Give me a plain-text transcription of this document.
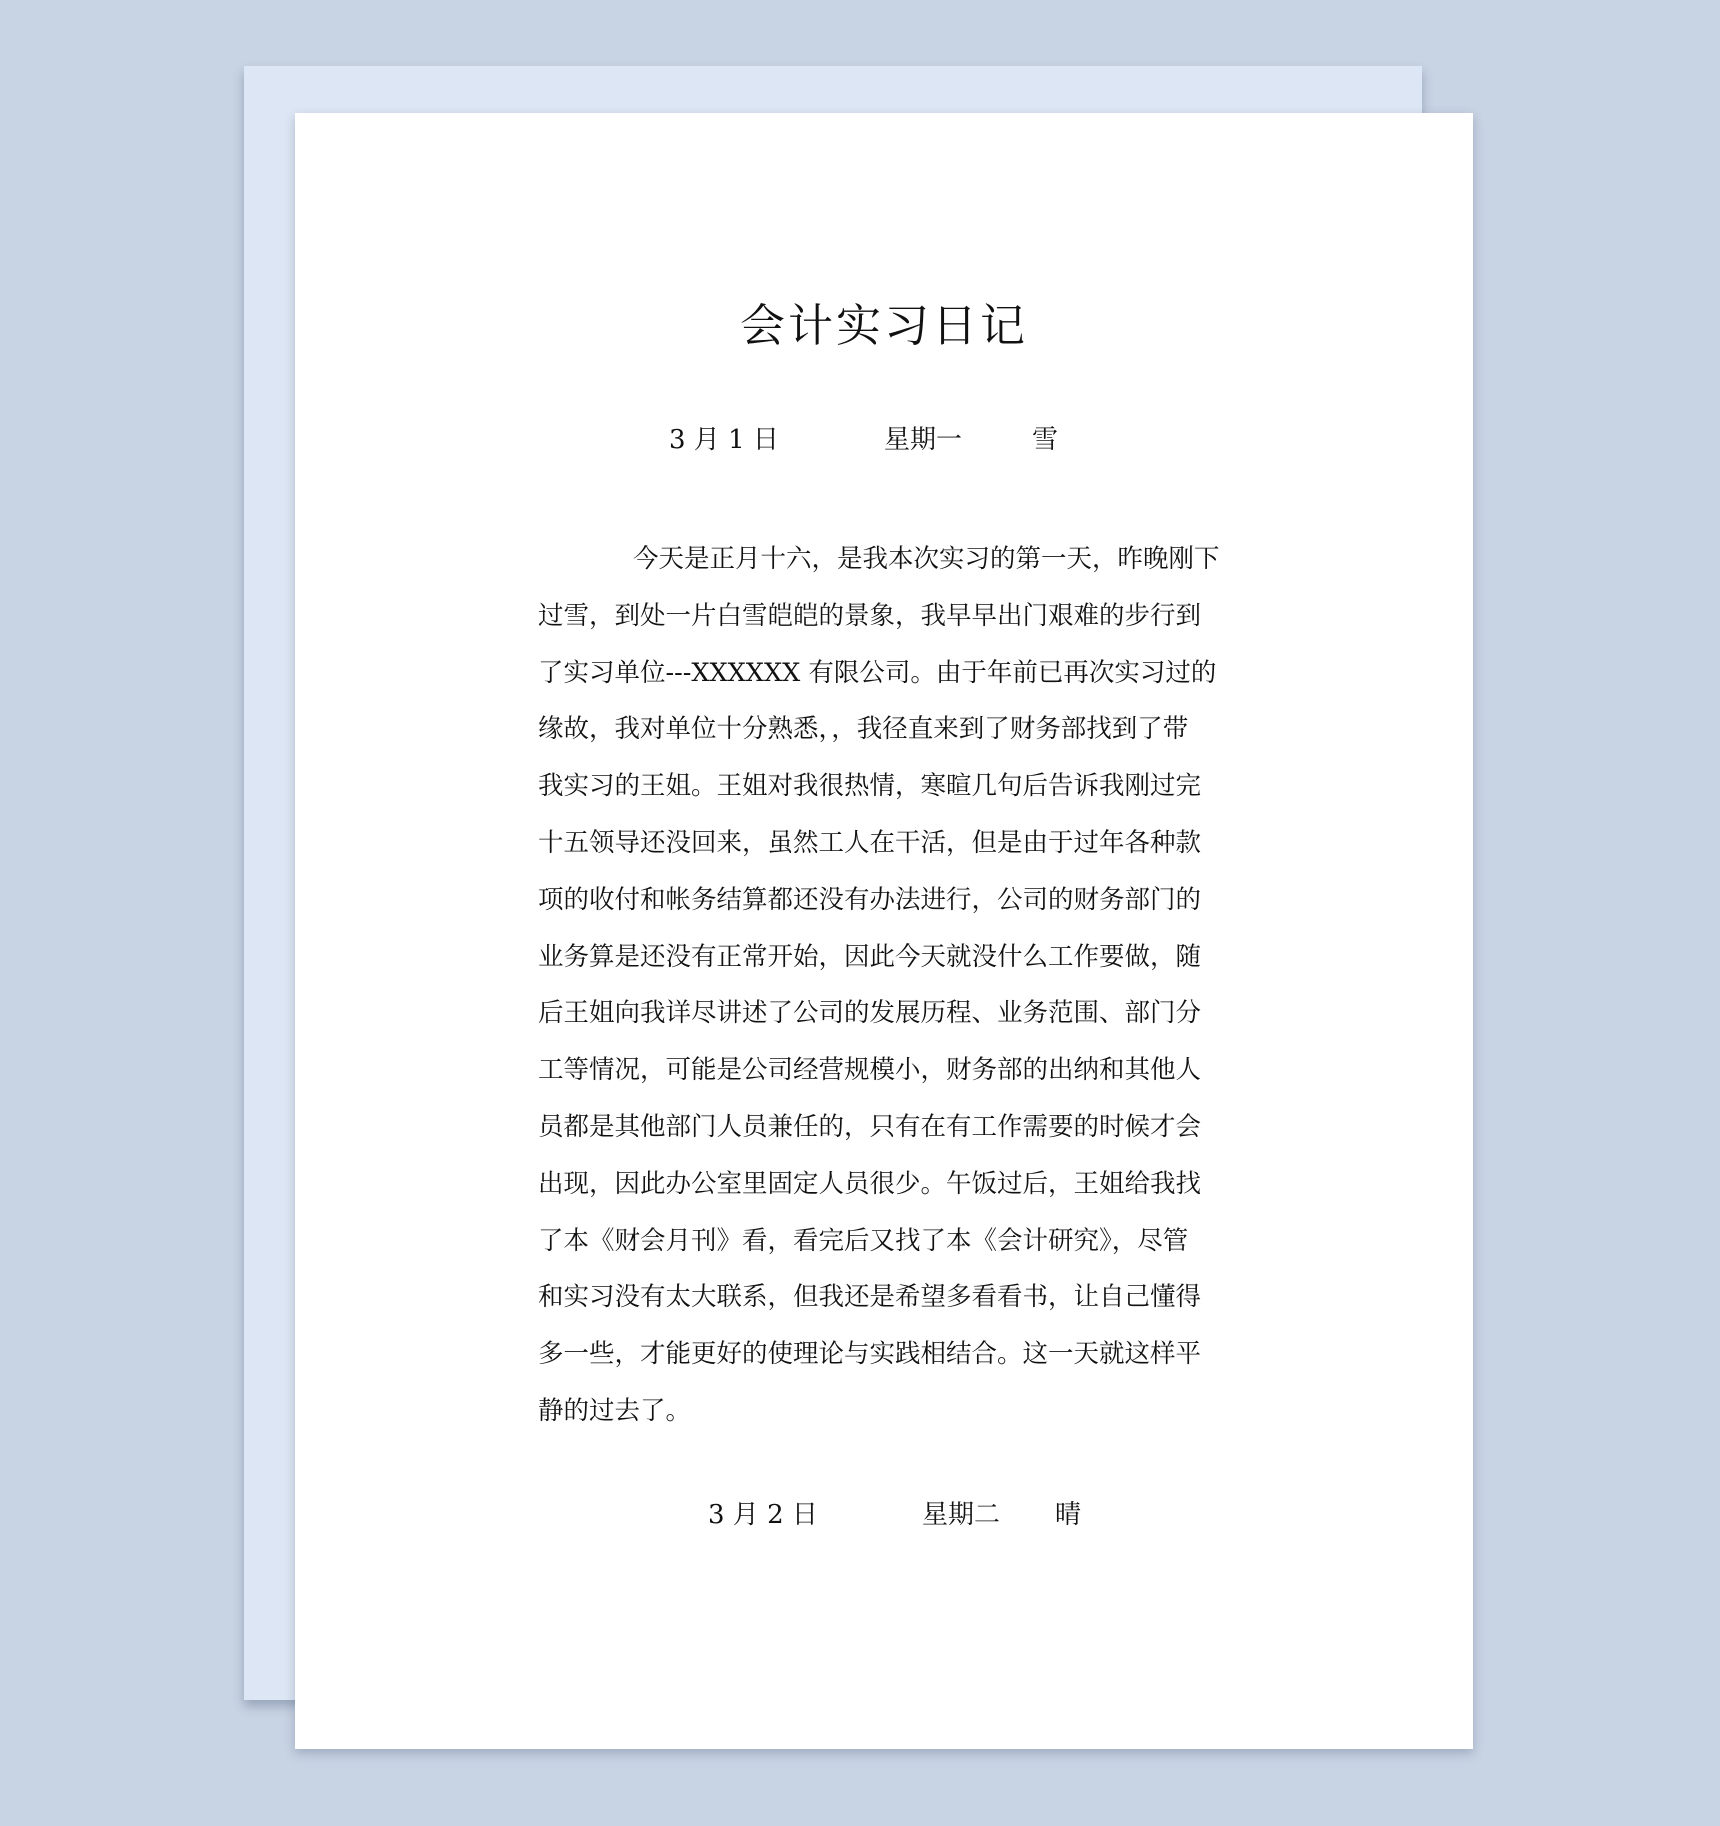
会计实习日记
3 月 1 日	星期一	雪
今天是正月十六，是我本次实习的第一天，昨晚刚下
过雪，到处一片白雪皑皑的景象，我早早出门艰难的步行到
了实习单位---XXXXXX 有限公司。由于年前已再次实习过的
缘故，我对单位十分熟悉，，我径直来到了财务部找到了带
我实习的王姐。王姐对我很热情，寒暄几句后告诉我刚过完
十五领导还没回来，虽然工人在干活，但是由于过年各种款
项的收付和帐务结算都还没有办法进行，公司的财务部门的
业务算是还没有正常开始，因此今天就没什么工作要做，随
后王姐向我详尽讲述了公司的发展历程、业务范围、部门分
工等情况，可能是公司经营规模小，财务部的出纳和其他人
员都是其他部门人员兼任的，只有在有工作需要的时候才会
出现，因此办公室里固定人员很少。午饭过后，王姐给我找
了本《财会月刊》看，看完后又找了本《会计研究》，尽管
和实习没有太大联系，但我还是希望多看看书，让自己懂得
多一些，才能更好的使理论与实践相结合。这一天就这样平
静的过去了。
3 月 2 日	星期二 晴
